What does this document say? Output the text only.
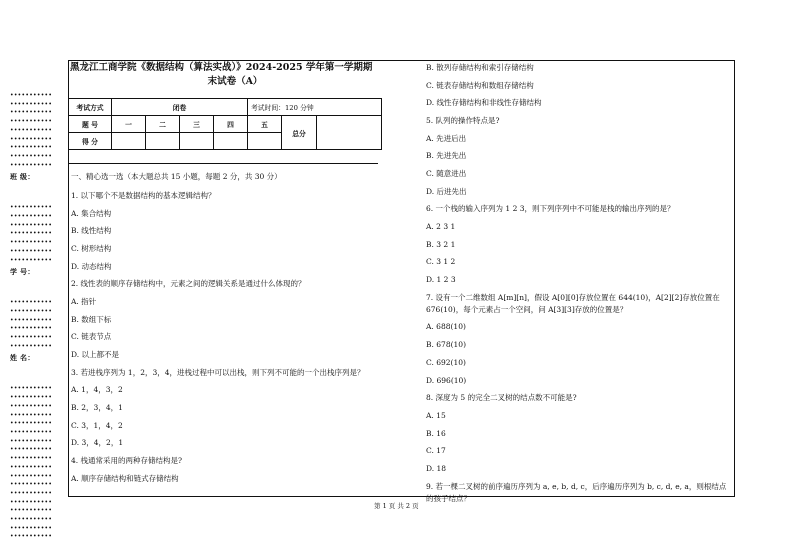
•••••••••••
•••••••••••
•••••••••••
•••••••••••
•••••••••••
•••••••••••
•••••••••••
•••••••••••
•••••••••••
班 级：
•••••••••••
•••••••••••
•••••••••••
•••••••••••
•••••••••••
•••••••••••
•••••••••••
学 号：
•••••••••••
•••••••••••
•••••••••••
•••••••••••
•••••••••••
•••••••••••
姓 名：
•••••••••••
•••••••••••
•••••••••••
•••••••••••
•••••••••••
•••••••••••
•••••••••••
•••••••••••
•••••••••••
•••••••••••
•••••••••••
•••••••••••
•••••••••••
•••••••••••
•••••••••••
•••••••••••
•••••••••••
•••••••••••
黑龙江工商学院《数据结构（算法实战）》2024-2025 学年第一学期期
末试卷（A）
考试方式	闭卷				考试时间：120 分钟		
题 号	一	二	三	四	五	总分	
得 分							
一、精心选一选（本大题总共 15 小题，每题 2 分，共 30 分）
1. 以下哪个不是数据结构的基本逻辑结构？
A. 集合结构
B. 线性结构
C. 树形结构
D. 动态结构
2. 线性表的顺序存储结构中，元素之间的逻辑关系是通过什么体现的？
A. 指针
B. 数组下标
C. 链表节点
D. 以上都不是
3. 若进栈序列为 1，2，3，4，进栈过程中可以出栈，则下列不可能的一个出栈序列是？
A. 1，4，3，2
B. 2，3，4，1
C. 3，1，4，2
D. 3，4，2，1
4. 栈通常采用的两种存储结构是?
A. 顺序存储结构和链式存储结构
B. 散列存储结构和索引存储结构
C. 链表存储结构和数组存储结构
D. 线性存储结构和非线性存储结构
5. 队列的操作特点是?
A. 先进后出
B. 先进先出
C. 随意进出
D. 后进先出
6. 一个栈的输入序列为 1 2 3，则下列序列中不可能是栈的输出序列的是？
A. 2 3 1
B. 3 2 1
C. 3 1 2
D. 1 2 3
7. 设有一个二维数组 A[m][n]，假设 A[0][0]存放位置在 644(10)，A[2][2]存放位置在 676(10)，每个元素占一个空间，问 A[3][3]存放的位置是？
A. 688(10)
B. 678(10)
C. 692(10)
D. 696(10)
8. 深度为 5 的完全二叉树的结点数不可能是?
A. 15
B. 16
C. 17
D. 18
9. 若一棵二叉树的前序遍历序列为 a, e, b, d, c，后序遍历序列为 b, c, d, e, a，则根结点的孩子结点？
第 1 页 共 2 页
